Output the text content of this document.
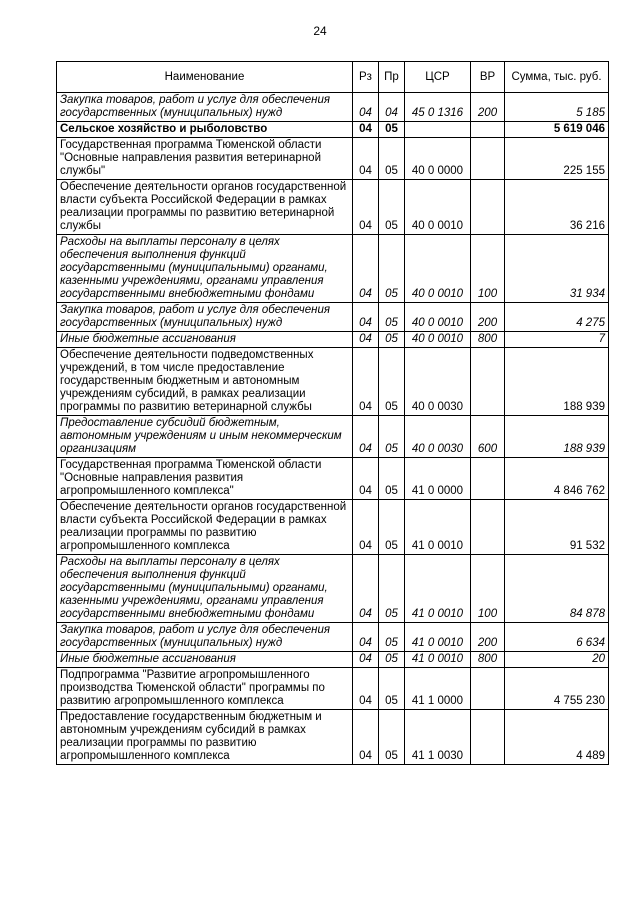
24
Наименование	Рз	Пр	ЦСР	ВР	Сумма, тыс. руб.
Закупка товаров, работ и услуг для обеспечения государственных (муниципальных) нужд	04	04	45 0 1316	200	5 185
Сельское хозяйство и рыболовство	04	05			5 619 046
Государственная программа Тюменской области "Основные направления развития ветеринарной службы"	04	05	40 0 0000		225 155
Обеспечение деятельности органов государственной власти субъекта Российской Федерации в рамках реализации программы по развитию ветеринарной службы	04	05	40 0 0010		36 216
Расходы на выплаты персоналу в целях обеспечения выполнения функций государственными (муниципальными) органами, казенными учреждениями, органами управления государственными внебюджетными фондами	04	05	40 0 0010	100	31 934
Закупка товаров, работ и услуг для обеспечения государственных (муниципальных) нужд	04	05	40 0 0010	200	4 275
Иные бюджетные ассигнования	04	05	40 0 0010	800	7
Обеспечение деятельности подведомственных учреждений, в том числе предоставление государственным бюджетным и автономным учреждениям субсидий, в рамках реализации программы по развитию ветеринарной службы	04	05	40 0 0030		188 939
Предоставление субсидий бюджетным, автономным учреждениям и иным некоммерческим организациям	04	05	40 0 0030	600	188 939
Государственная программа Тюменской области "Основные направления развития агропромышленного комплекса"	04	05	41 0 0000		4 846 762
Обеспечение деятельности органов государственной власти субъекта Российской Федерации в рамках реализации программы по развитию агропромышленного комплекса	04	05	41 0 0010		91 532
Расходы на выплаты персоналу в целях обеспечения выполнения функций государственными (муниципальными) органами, казенными учреждениями, органами управления государственными внебюджетными фондами	04	05	41 0 0010	100	84 878
Закупка товаров, работ и услуг для обеспечения государственных (муниципальных) нужд	04	05	41 0 0010	200	6 634
Иные бюджетные ассигнования	04	05	41 0 0010	800	20
Подпрограмма "Развитие агропромышленного производства Тюменской области" программы по развитию агропромышленного комплекса	04	05	41 1 0000		4 755 230
Предоставление государственным бюджетным и автономным учреждениям субсидий в рамках реализации программы по развитию агропромышленного комплекса	04	05	41 1 0030		4 489
